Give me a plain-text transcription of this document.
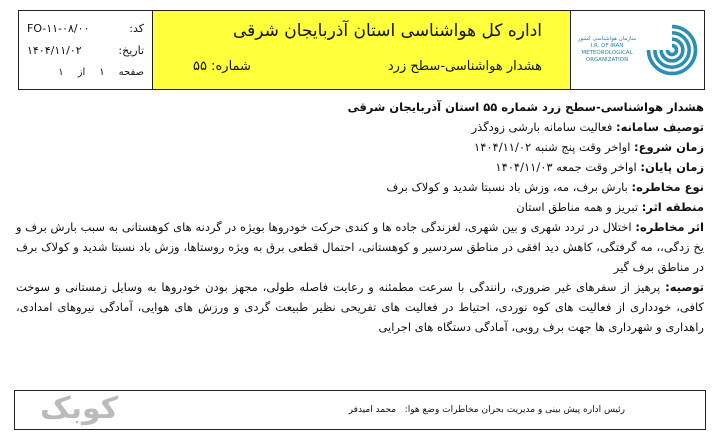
کد:
FO-۱۱-۰۸/۰۰
تاریخ:
۱۴۰۴/۱۱/۰۲
صفحه
۱
از
۱
اداره کل هواشناسی استان آذربایجان شرقی
هشدار هواشناسی-سطح زرد
شماره: ۵۵
سازمان هواشناسی کشور
I.R. OF IRAN
METEOROLOGICAL
ORGANIZATION
هشدار هواشناسی-سطح زرد شماره ۵۵ استان آذربایجان شرقی
توصیف سامانه: فعالیت سامانه بارشی زودگذر
زمان شروع: اواخر وقت پنج شنبه ۱۴۰۴/۱۱/۰۲
زمان پایان: اواخر وقت جمعه ۱۴۰۴/۱۱/۰۳
نوع مخاطره: بارش برف، مه، وزش باد نسبتا شدید و کولاک برف
منطقه اثر: تبریز و همه مناطق استان
اثر مخاطره: اختلال در تردد شهری و بین شهری، لغزندگی جاده ها و کندی حرکت خودروها بویژه در گردنه های کوهستانی به سبب بارش برف و یخ زدگی،، مه گرفتگی، کاهش دید افقی در مناطق سردسیر و کوهستانی، احتمال قطعی برق به ویژه روستاها، وزش باد نسبتا شدید و کولاک برف در مناطق برف گیر
توصیه: پرهیز از سفرهای غیر ضروری، رانندگی با سرعت مطمئنه و رعایت فاصله طولی، مجهز بودن خودروها به وسایل زمستانی و سوخت کافی، خودداری از فعالیت های کوه نوردی، احتیاط در فعالیت های تفریحی نظیر طبیعت گردی و ورزش های هوایی، آمادگی نیروهای امدادی، راهداری و شهرداری ها جهت برف روبی، آمادگی دستگاه های اجرایی
رئیس اداره پیش بینی و مدیریت بحران مخاطرات وضع هوا:   محمد امیدفر
کوبک
